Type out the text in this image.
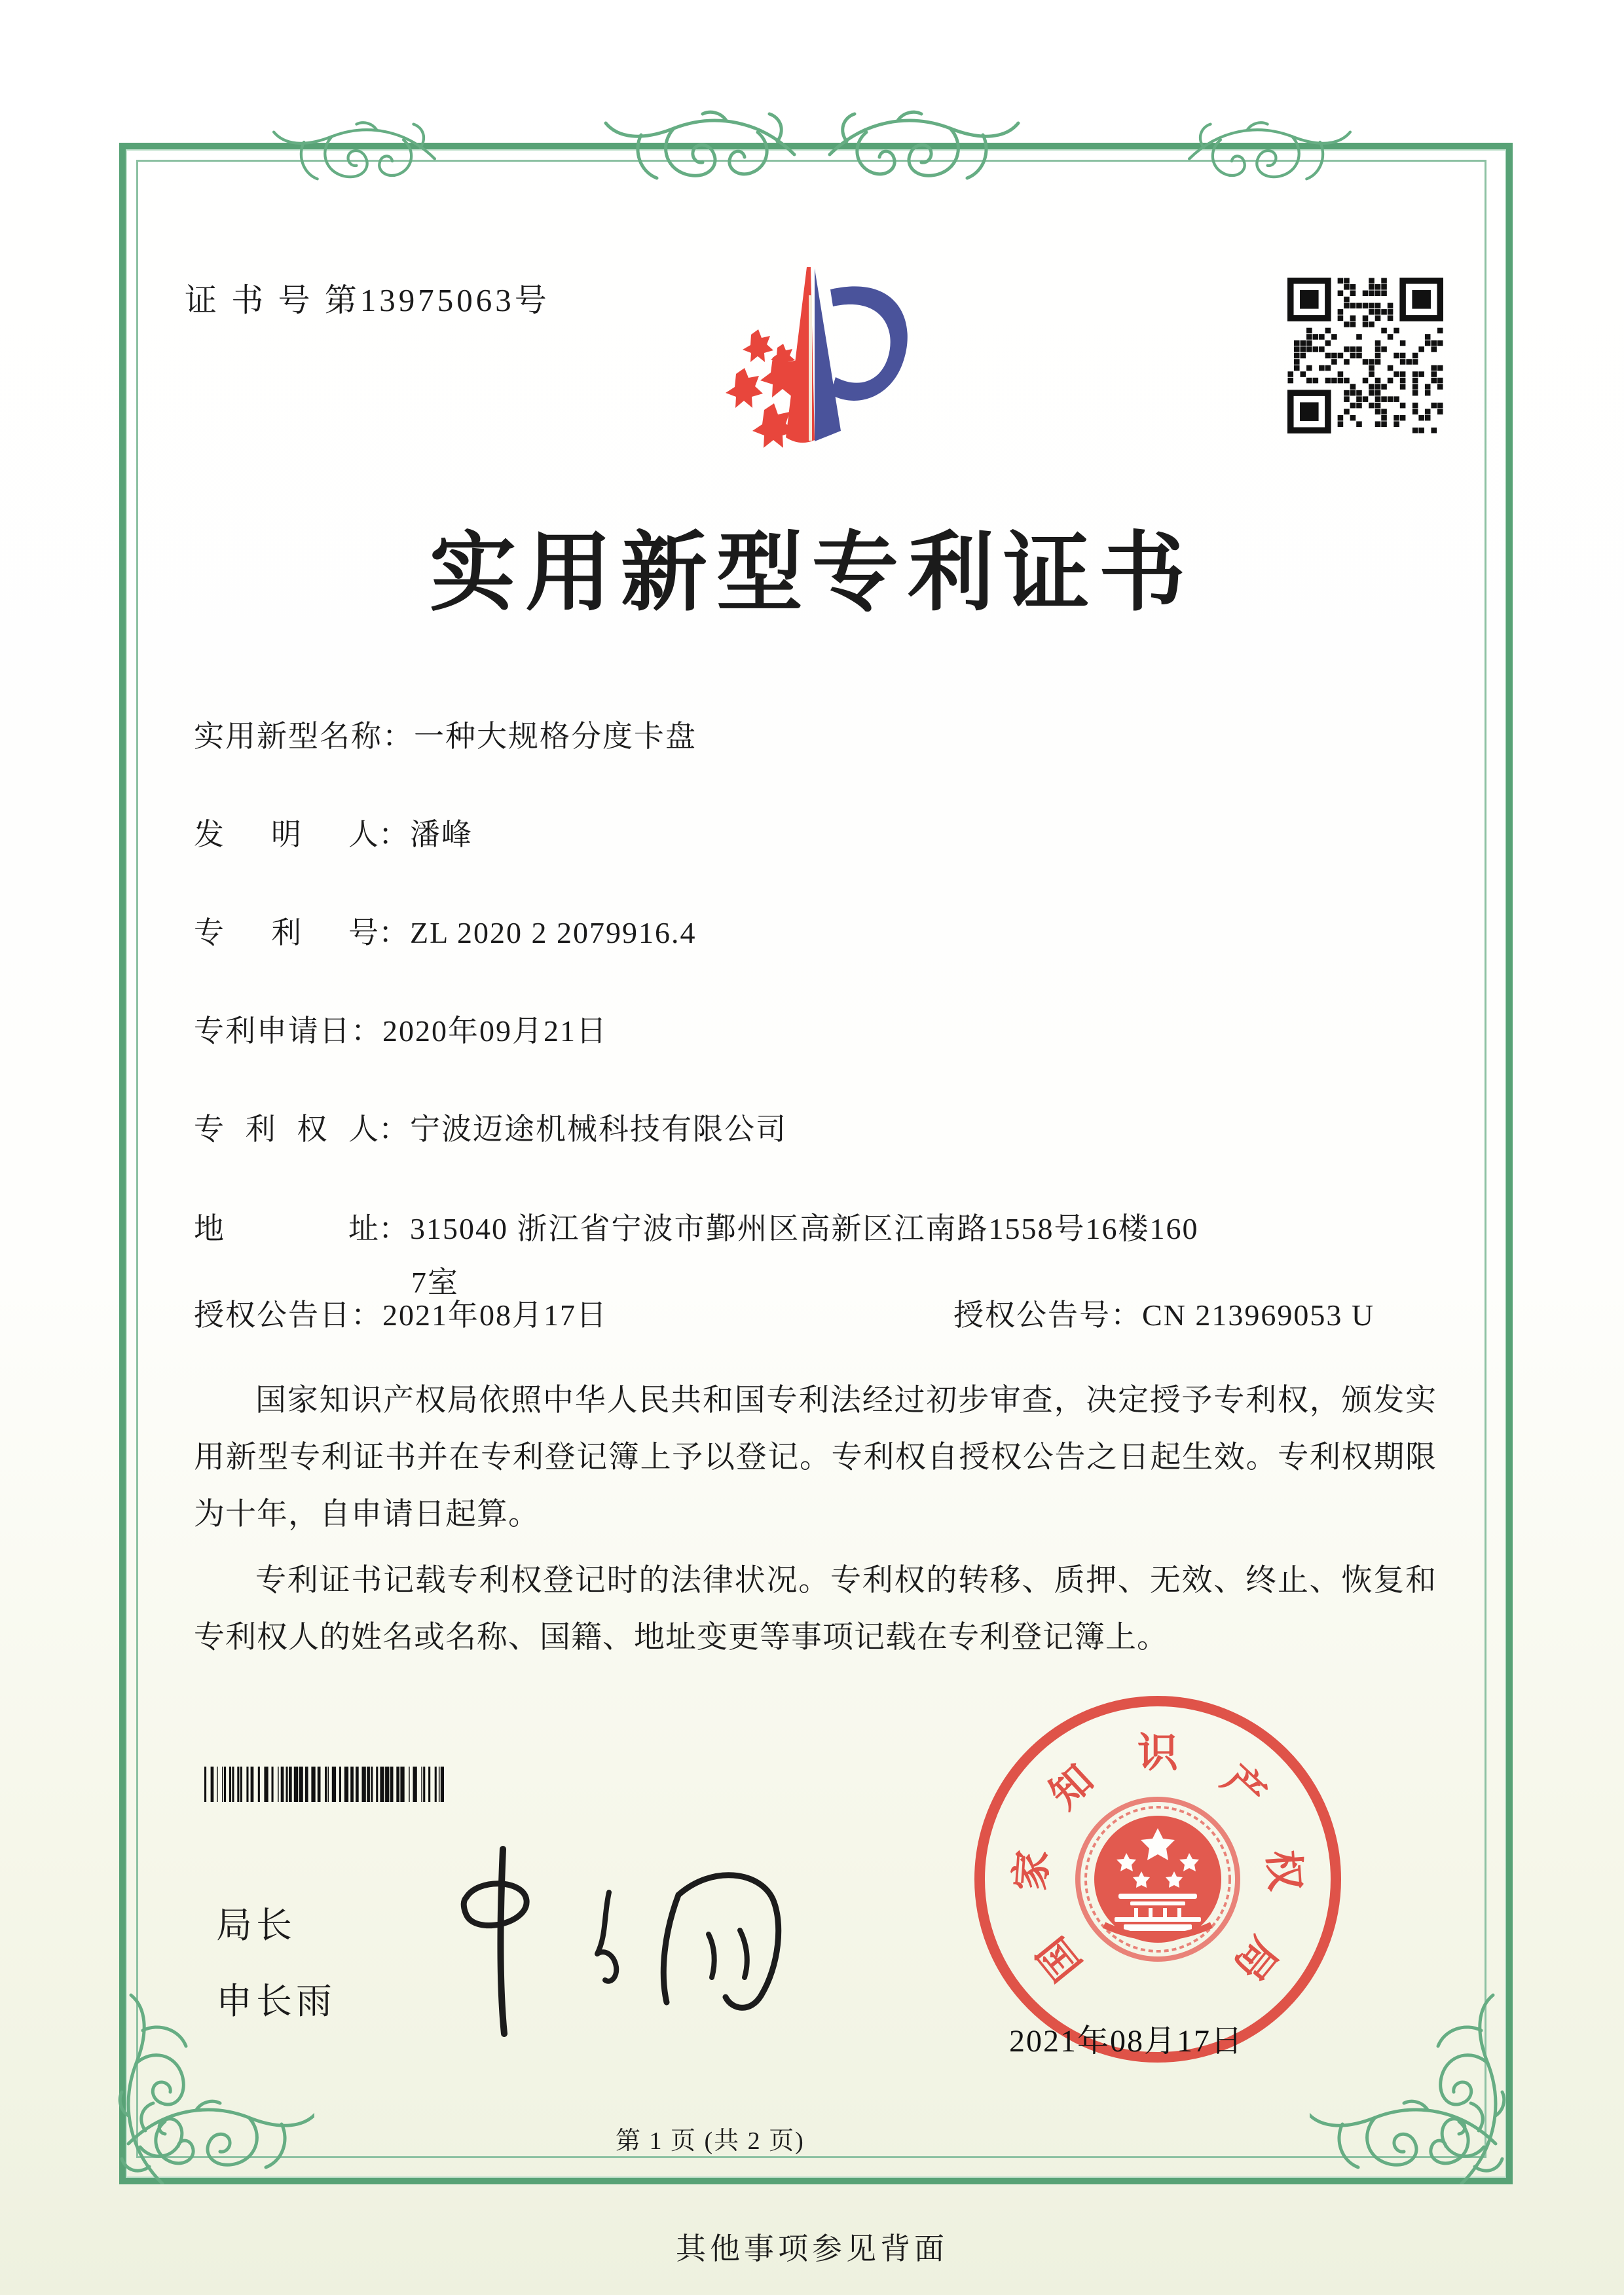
证 书 号 第13975063号
实用新型专利证书
实用新型名称：一种大规格分度卡盘
发明人：潘峰
专利号：ZL 2020 2 2079916.4
专利申请日：2020年09月21日
专利权人：宁波迈途机械科技有限公司
地址：315040 浙江省宁波市鄞州区高新区江南路1558号16楼160
7室
授权公告日：2021年08月17日	授权公告号：CN 213969053 U

国家知识产权局依照中华人民共和国专利法经过初步审查，决定授予专利权，颁发实用新型专利证书并在专利登记簿上予以登记。专利权自授权公告之日起生效。专利权期限为十年，自申请日起算。

专利证书记载专利权登记时的法律状况。专利权的转移、质押、无效、终止、恢复和专利权人的姓名或名称、国籍、地址变更等事项记载在专利登记簿上。

局长
申长雨
国
家
知
识
产
权
局
2021年08月17日
第 1 页 (共 2 页)
其他事项参见背面
